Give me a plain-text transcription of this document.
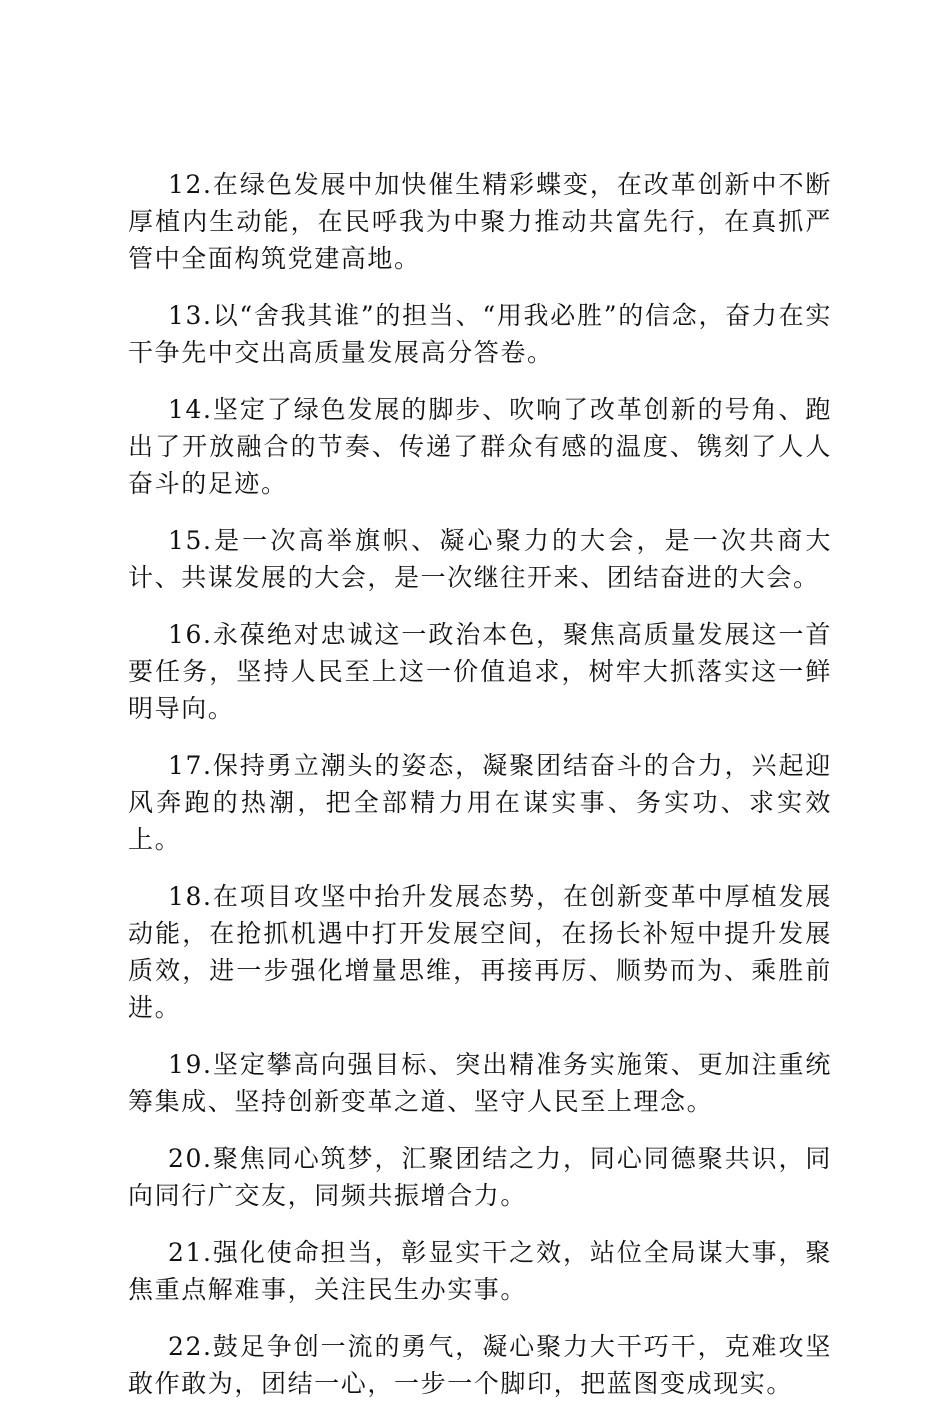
12.在绿色发展中加快催生精彩蝶变，在改革创新中不断厚植内生动能，在民呼我为中聚力推动共富先行，在真抓严管中全面构筑党建高地。

13.以“舍我其谁”的担当、“用我必胜”的信念，奋力在实干争先中交出高质量发展高分答卷。

14.坚定了绿色发展的脚步、吹响了改革创新的号角、跑出了开放融合的节奏、传递了群众有感的温度、镌刻了人人奋斗的足迹。

15.是一次高举旗帜、凝心聚力的大会，是一次共商大计、共谋发展的大会，是一次继往开来、团结奋进的大会。

16.永葆绝对忠诚这一政治本色，聚焦高质量发展这一首要任务，坚持人民至上这一价值追求，树牢大抓落实这一鲜明导向。

17.保持勇立潮头的姿态，凝聚团结奋斗的合力，兴起迎风奔跑的热潮，把全部精力用在谋实事、务实功、求实效上。

18.在项目攻坚中抬升发展态势，在创新变革中厚植发展动能，在抢抓机遇中打开发展空间，在扬长补短中提升发展质效，进一步强化增量思维，再接再厉、顺势而为、乘胜前进。

19.坚定攀高向强目标、突出精准务实施策、更加注重统筹集成、坚持创新变革之道、坚守人民至上理念。

20.聚焦同心筑梦，汇聚团结之力，同心同德聚共识，同向同行广交友，同频共振增合力。

21.强化使命担当，彰显实干之效，站位全局谋大事，聚焦重点解难事，关注民生办实事。

22.鼓足争创一流的勇气，凝心聚力大干巧干，克难攻坚敢作敢为，团结一心，一步一个脚印，把蓝图变成现实。
